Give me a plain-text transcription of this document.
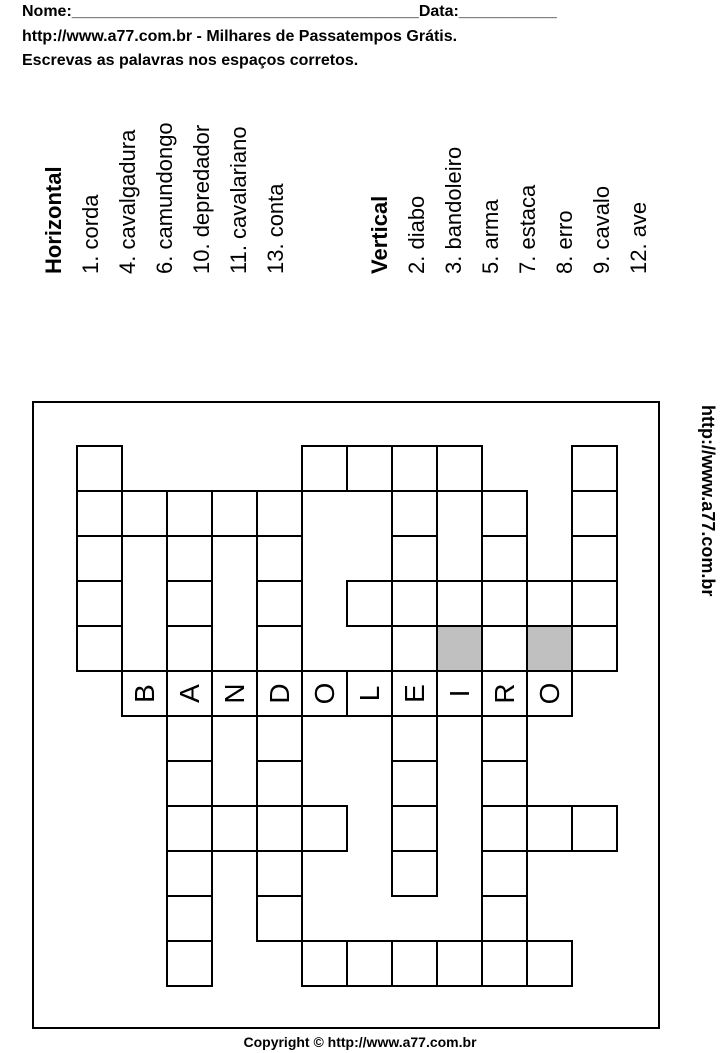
Nome:_______________________________________Data:___________
http://www.a77.com.br - Milhares de Passatempos Grátis.
Escrevas as palavras nos espaços corretos.
Horizontal 1. corda 4. cavalgadura 6. camundongo 10. depredador 11. cavalariano 13. conta	Vertical 2. diabo 3. bandoleiro 5. arma 7. estaca 8. erro 9. cavalo 12. ave
B A N D O L E I R O
http://www.a77.com.br
Copyright © http://www.a77.com.br
